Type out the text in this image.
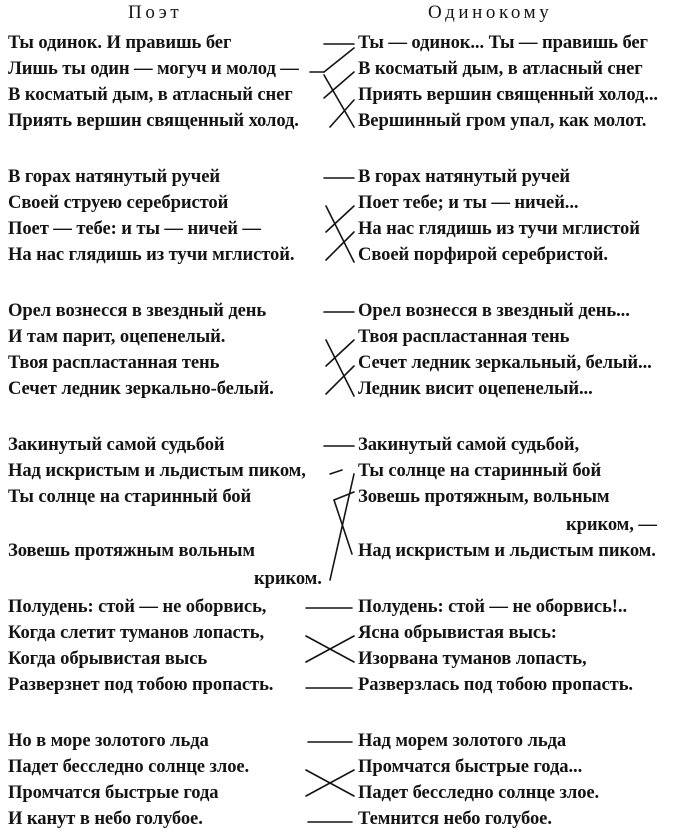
Поэт	Одинокому
Ты одинок. И правишь бег
Лишь ты один — могуч и молод —
В косматый дым, в атласный снег
Приять вершин священный холод.
Ты — одинок... Ты — правишь бег
В косматый дым, в атласный снег
Приять вершин священный холод...
Вершинный гром упал, как молот.
В горах натянутый ручей
Своей струею серебристой
Поет — тебе: и ты — ничей —
На нас глядишь из тучи мглистой.
В горах натянутый ручей
Поет тебе; и ты — ничей...
На нас глядишь из тучи мглистой
Своей порфирой серебристой.
Орел вознесся в звездный день
И там парит, оцепенелый.
Твоя распластанная тень
Сечет ледник зеркально-белый.
Орел вознесся в звездный день...
Твоя распластанная тень
Сечет ледник зеркальный, белый...
Ледник висит оцепенелый...
Закинутый самой судьбой
Над искристым и льдистым пиком,
Ты солнце на старинный бой
Зовешь протяжным вольным
криком.
Закинутый самой судьбой,
Ты солнце на старинный бой
Зовешь протяжным, вольным
криком, —
Над искристым и льдистым пиком.
Полудень: стой — не оборвись,
Когда слетит туманов лопасть,
Когда обрывистая высь
Разверзнет под тобою пропасть.
Полудень: стой — не оборвись!..
Ясна обрывистая высь:
Изорвана туманов лопасть,
Разверзлась под тобою пропасть.
Но в море золотого льда
Падет бесследно солнце злое.
Промчатся быстрые года
И канут в небо голубое.
Над морем золотого льда
Промчатся быстрые года...
Падет бесследно солнце злое.
Темнится небо голубое.
